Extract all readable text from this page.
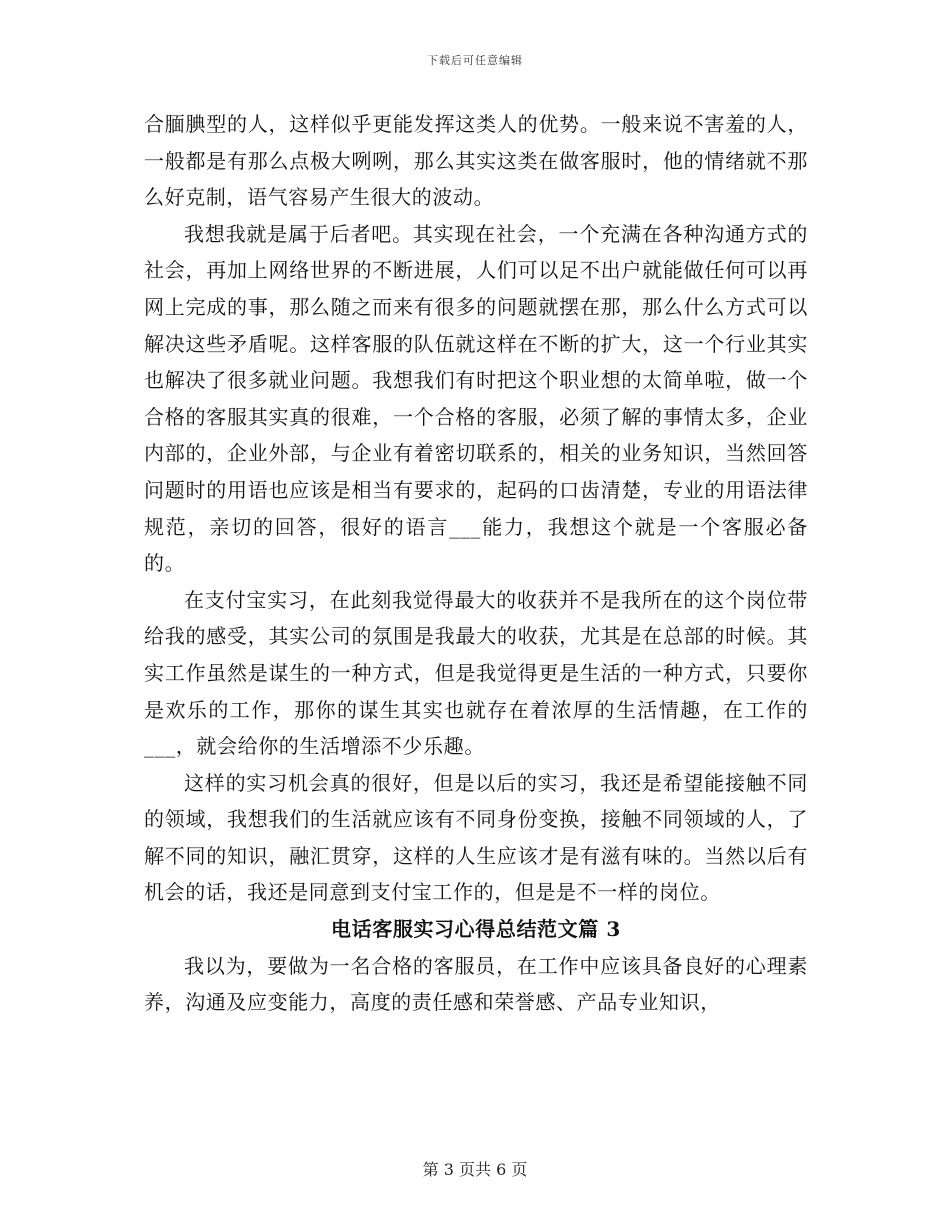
下载后可任意编辑

合腼腆型的人，这样似乎更能发挥这类人的优势。一般来说不害羞的人，一般都是有那么点极大咧咧，那么其实这类在做客服时，他的情绪就不那么好克制，语气容易产生很大的波动。

我想我就是属于后者吧。其实现在社会，一个充满在各种沟通方式的社会，再加上网络世界的不断进展，人们可以足不出户就能做任何可以再网上完成的事，那么随之而来有很多的问题就摆在那，那么什么方式可以解决这些矛盾呢。这样客服的队伍就这样在不断的扩大，这一个行业其实也解决了很多就业问题。我想我们有时把这个职业想的太简单啦，做一个合格的客服其实真的很难，一个合格的客服，必须了解的事情太多，企业内部的，企业外部，与企业有着密切联系的，相关的业务知识，当然回答问题时的用语也应该是相当有要求的，起码的口齿清楚，专业的用语法律规范，亲切的回答，很好的语言___能力，我想这个就是一个客服必备的。

在支付宝实习，在此刻我觉得最大的收获并不是我所在的这个岗位带给我的感受，其实公司的氛围是我最大的收获，尤其是在总部的时候。其实工作虽然是谋生的一种方式，但是我觉得更是生活的一种方式，只要你是欢乐的工作，那你的谋生其实也就存在着浓厚的生活情趣，在工作的___，就会给你的生活增添不少乐趣。

这样的实习机会真的很好，但是以后的实习，我还是希望能接触不同的领域，我想我们的生活就应该有不同身份变换，接触不同领域的人，了解不同的知识，融汇贯穿，这样的人生应该才是有滋有味的。当然以后有机会的话，我还是同意到支付宝工作的，但是是不一样的岗位。

电话客服实习心得总结范文篇 3

我以为，要做为一名合格的客服员，在工作中应该具备良好的心理素养，沟通及应变能力，高度的责任感和荣誉感、产品专业知识，

第 3 页共 6 页
